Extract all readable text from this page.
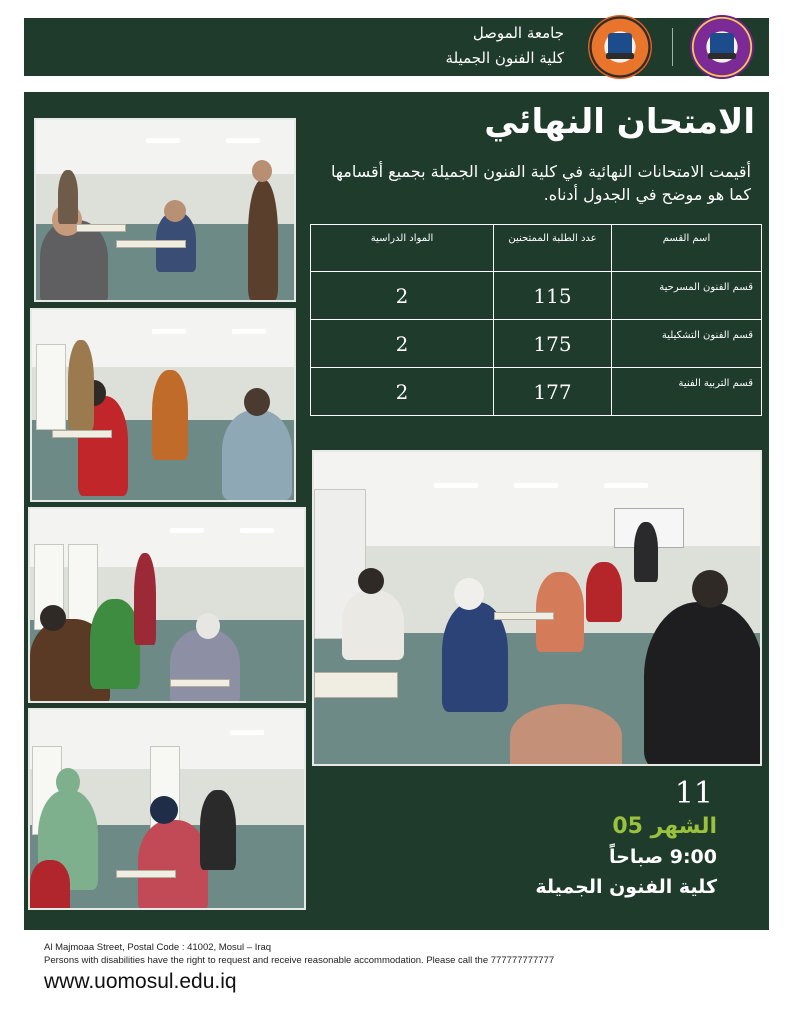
جامعة الموصل
كلية الفنون الجميلة
الامتحان النهائي
أقيمت الامتحانات النهائية في كلية الفنون الجميلة بجميع أقسامها كما هو موضح في الجدول أدناه.
اسم القسم	عدد الطلبة الممتحنين	المواد الدراسية
قسم الفنون المسرحية	115	2
قسم الفنون التشكيلية	175	2
قسم التربية الفنية	177	2
11
الشهر 05
9:00 صباحاً
كلية الفنون الجميلة
Al Majmoaa Street, Postal Code : 41002, Mosul – Iraq
Persons with disabilities have the right to request and receive reasonable accommodation. Please call the 777777777777
www.uomosul.edu.iq
